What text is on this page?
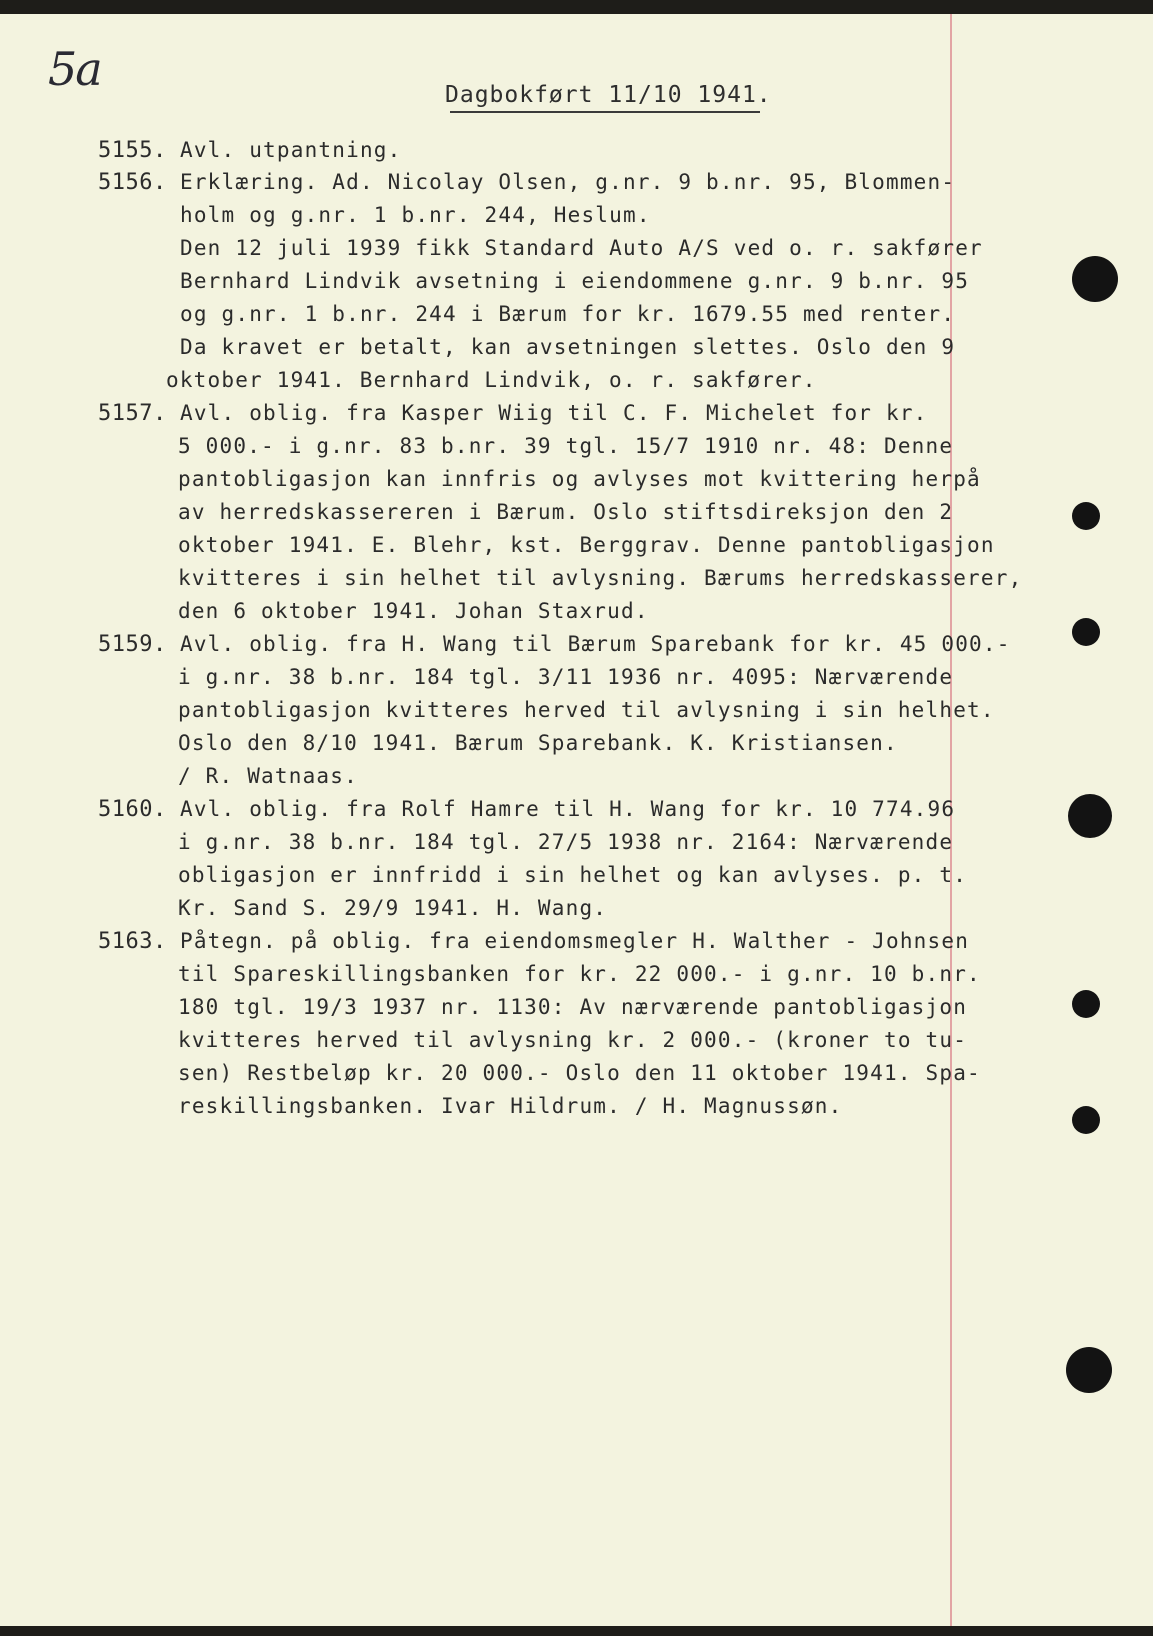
5a	Dagbokført 11/10 1941.
5155. Avl. utpantning.
5156. Erklæring. Ad. Nicolay Olsen, g.nr. 9 b.nr. 95, Blommen-
holm og g.nr. 1 b.nr. 244, Heslum.
Den 12 juli 1939 fikk Standard Auto A/S ved o. r. sakfører
Bernhard Lindvik avsetning i eiendommene g.nr. 9 b.nr. 95
og g.nr. 1 b.nr. 244 i Bærum for kr. 1679.55 med renter.
Da kravet er betalt, kan avsetningen slettes. Oslo den 9
oktober 1941. Bernhard Lindvik, o. r. sakfører.
5157. Avl. oblig. fra Kasper Wiig til C. F. Michelet for kr.
5 000.- i g.nr. 83 b.nr. 39 tgl. 15/7 1910 nr. 48: Denne
pantobligasjon kan innfris og avlyses mot kvittering herpå
av herredskassereren i Bærum. Oslo stiftsdireksjon den 2
oktober 1941. E. Blehr, kst. Berggrav. Denne pantobligasjon
kvitteres i sin helhet til avlysning. Bærums herredskasserer,
den 6 oktober 1941. Johan Staxrud.
5159. Avl. oblig. fra H. Wang til Bærum Sparebank for kr. 45 000.-
i g.nr. 38 b.nr. 184 tgl. 3/11 1936 nr. 4095: Nærværende
pantobligasjon kvitteres herved til avlysning i sin helhet.
Oslo den 8/10 1941. Bærum Sparebank. K. Kristiansen.
/ R. Watnaas.
5160. Avl. oblig. fra Rolf Hamre til H. Wang for kr. 10 774.96
i g.nr. 38 b.nr. 184 tgl. 27/5 1938 nr. 2164: Nærværende
obligasjon er innfridd i sin helhet og kan avlyses. p. t.
Kr. Sand S. 29/9 1941. H. Wang.
5163. Påtegn. på oblig. fra eiendomsmegler H. Walther - Johnsen
til Spareskillingsbanken for kr. 22 000.- i g.nr. 10 b.nr.
180 tgl. 19/3 1937 nr. 1130: Av nærværende pantobligasjon
kvitteres herved til avlysning kr. 2 000.- (kroner to tu-
sen) Restbeløp kr. 20 000.- Oslo den 11 oktober 1941. Spa-
reskillingsbanken. Ivar Hildrum. / H. Magnussøn.
